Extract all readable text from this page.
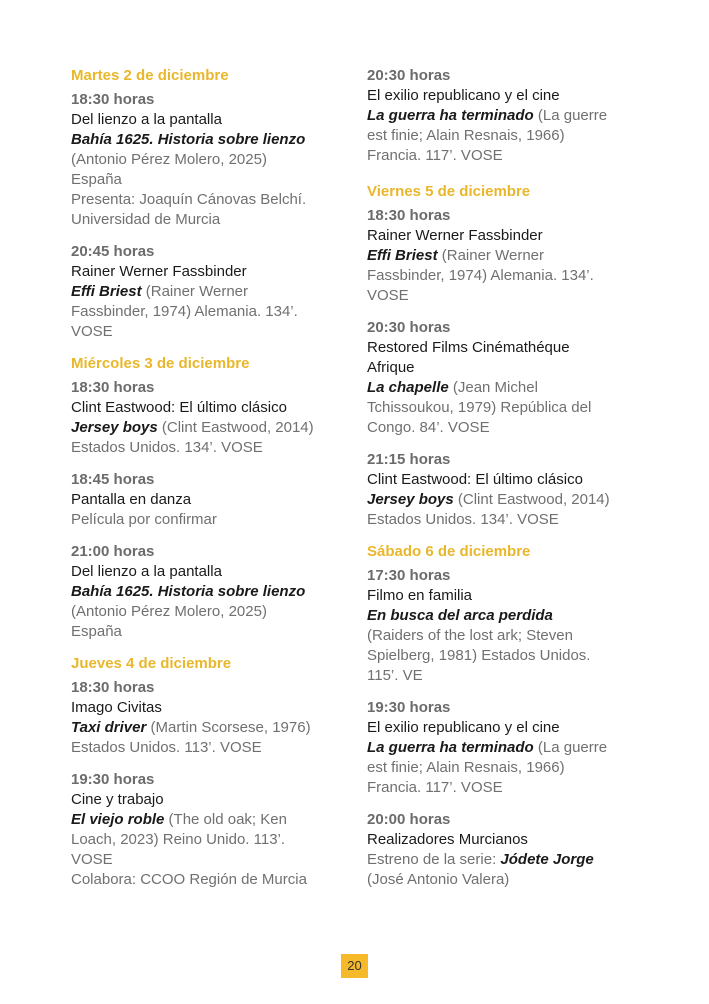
Martes 2 de diciembre
18:30 horas
Del lienzo a la pantalla
Bahía 1625. Historia sobre lienzo
(Antonio Pérez Molero, 2025)
España
Presenta: Joaquín Cánovas Belchí.
Universidad de Murcia
20:45 horas
Rainer Werner Fassbinder
Effi Briest (Rainer Werner
Fassbinder, 1974) Alemania. 134’.
VOSE
Miércoles 3 de diciembre
18:30 horas
Clint Eastwood: El último clásico
Jersey boys (Clint Eastwood, 2014)
Estados Unidos. 134’. VOSE
18:45 horas
Pantalla en danza
Película por confirmar
21:00 horas
Del lienzo a la pantalla
Bahía 1625. Historia sobre lienzo
(Antonio Pérez Molero, 2025)
España
Jueves 4 de diciembre
18:30 horas
Imago Civitas
Taxi driver (Martin Scorsese, 1976)
Estados Unidos. 113’. VOSE
19:30 horas
Cine y trabajo
El viejo roble (The old oak; Ken
Loach, 2023) Reino Unido. 113’.
VOSE
Colabora: CCOO Región de Murcia
20:30 horas
El exilio republicano y el cine
La guerra ha terminado (La guerre
est finie; Alain Resnais, 1966)
Francia. 117’. VOSE
Viernes 5 de diciembre
18:30 horas
Rainer Werner Fassbinder
Effi Briest (Rainer Werner
Fassbinder, 1974) Alemania. 134’.
VOSE
20:30 horas
Restored Films Cinémathéque Afrique
La chapelle (Jean Michel
Tchissoukou, 1979) República del
Congo. 84’. VOSE
21:15 horas
Clint Eastwood: El último clásico
Jersey boys (Clint Eastwood, 2014)
Estados Unidos. 134’. VOSE
Sábado 6 de diciembre
17:30 horas
Filmo en familia
En busca del arca perdida
(Raiders of the lost ark; Steven
Spielberg, 1981) Estados Unidos.
115’. VE
19:30 horas
El exilio republicano y el cine
La guerra ha terminado (La guerre
est finie; Alain Resnais, 1966)
Francia. 117’. VOSE
20:00 horas
Realizadores Murcianos
Estreno de la serie: Jódete Jorge
(José Antonio Valera)
20
